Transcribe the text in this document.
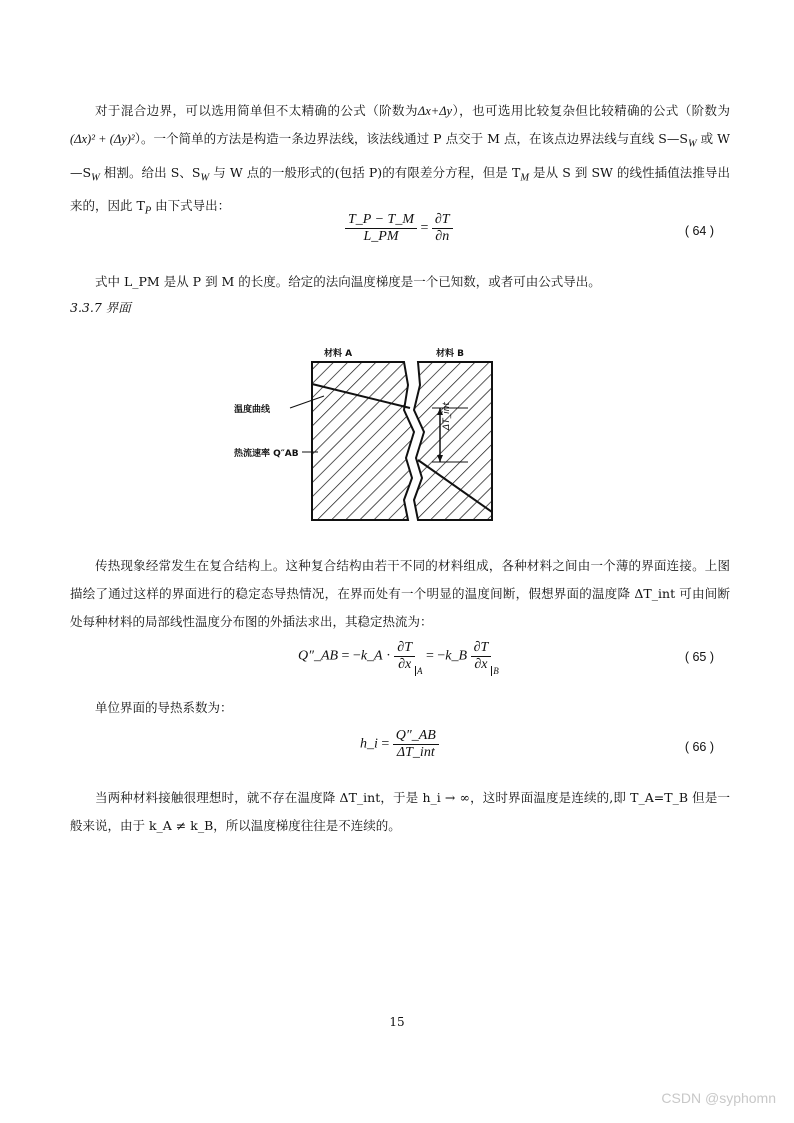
对于混合边界，可以选用简单但不太精确的公式（阶数为Δx+Δy），也可选用比较复杂但比较精确的公式（阶数为(Δx)² + (Δy)²）。一个简单的方法是构造一条边界法线，该法线通过 P 点交于 M 点，在该点边界法线与直线 $S—S_W$ 或 $W—S_W$ 相割。给出 S、$S_W$ 与 W 点的一般形式的(包括 P)的有限差分方程，但是 $T_M$ 是从 S 到 SW 的线性插值法推导出来的，因此 $T_P$ 由下式导出：
$\frac{T\_P - T\_M}{L\_PM} = \frac{\partial T}{\partial n}$	( 64 )
式中 L_PM 是从 P 到 M 的长度。给定的法向温度梯度是一个已知数，或者可由公式导出。
3.3.7 界面
材料 A	材料 B
温度曲线
热流速率 Q″AB
ΔT_int
传热现象经常发生在复合结构上。这种复合结构由若干不同的材料组成，各种材料之间由一个薄的界面连接。上图描绘了通过这样的界面进行的稳定态导热情况，在界而处有一个明显的温度间断，假想界面的温度降 ΔT_int 可由间断处每种材料的局部线性温度分布图的外插法求出，其稳定热流为：
Q″_AB = −k_A · $\frac{\partial T}{\partial x} _A$ = −k_B $\frac{\partial T}{\partial x} _B$
( 65 )
单位界面的导热系数为：
h_i = $\frac{Q''\_AB}{\text{ΔT\_int}}$	( 66 )
当两种材料接触很理想时，就不存在温度降 ΔT_int，于是 h_i → ∞，这时界面温度是连续的,即 T_A=T_B 但是一般来说，由于 k_A ≠ k_B，所以温度梯度往往是不连续的。
15
CSDN @syphomn
